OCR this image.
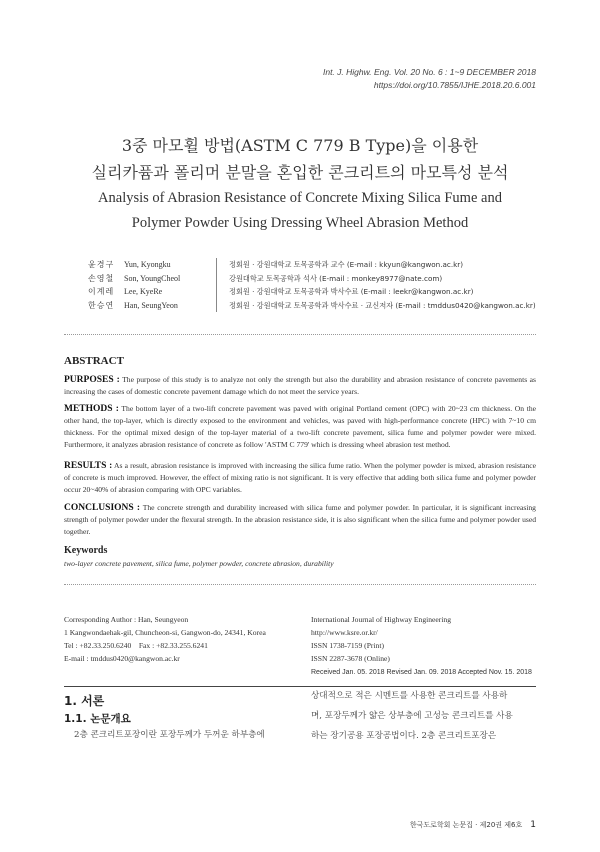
Int. J. Highw. Eng. Vol. 20 No. 6 : 1~9 DECEMBER 2018
https://doi.org/10.7855/IJHE.2018.20.6.001
3중 마모휠 방법(ASTM C 779 B Type)을 이용한
실리카퓸과 폴리머 분말을 혼입한 콘크리트의 마모특성 분석
Analysis of Abrasion Resistance of Concrete Mixing Silica Fume and
Polymer Powder Using Dressing Wheel Abrasion Method
윤경구	Yun, Kyongku	정회원 · 강원대학교 토목공학과 교수 (E-mail : kkyun@kangwon.ac.kr)
손영철	Son, YoungCheol	강원대학교 토목공학과 석사 (E-mail : monkey8977@nate.com)
이계레	Lee, KyeRe	정회원 · 강원대학교 토목공학과 박사수료 (E-mail : leekr@kangwon.ac.kr)
한승연	Han, SeungYeon	정회원 · 강원대학교 토목공학과 박사수료 · 교신저자 (E-mail : tmddus0420@kangwon.ac.kr)
ABSTRACT
PURPOSES : The purpose of this study is to analyze not only the strength but also the durability and abrasion resistance of concrete pavements as increasing the cases of domestic concrete pavement damage which do not meet the service years.
METHODS : The bottom layer of a two-lift concrete pavement was paved with original Portland cement (OPC) with 20~23 cm thickness. On the other hand, the top-layer, which is directly exposed to the environment and vehicles, was paved with high-performance concrete (HPC) with 7~10 cm thickness. For the optimal mixed design of the top-layer material of a two-lift concrete pavement, silica fume and polymer powder were mixed. Furthermore, it analyzes abrasion resistance of concrete as follow 'ASTM C 779' which is dressing wheel abrasion test method.
RESULTS : As a result, abrasion resistance is improved with increasing the silica fume ratio. When the polymer powder is mixed, abrasion resistance of concrete is much improved. However, the effect of mixing ratio is not significant. It is very effective that adding both silica fume and polymer powder occur 20~40% of abrasion comparing with OPC variables.
CONCLUSIONS : The concrete strength and durability increased with silica fume and polymer powder. In particular, it is significant increasing strength of polymer powder under the flexural strength. In the abrasion resistance side, it is also significant when the silica fume and polymer powder used together.
Keywords
two-layer concrete pavement, silica fume, polymer powder, concrete abrasion, durability
Corresponding Author : Han, Seungyeon
1 Kangwondaehak-gil, Chuncheon-si, Gangwon-do, 24341, Korea
Tel : +82.33.250.6240    Fax : +82.33.255.6241
E-mail : tmddus0420@kangwon.ac.kr
International Journal of Highway Engineering
http://www.ksre.or.kr/
ISSN 1738-7159 (Print)
ISSN 2287-3678 (Online)
Received Jan. 05. 2018 Revised Jan. 09. 2018 Accepted Nov. 15. 2018
1. 서론
1.1. 논문개요
2층 콘크리트포장이란 포장두께가 두꺼운 하부층에
상대적으로 적은 시멘트를 사용한 콘크리트를 사용하
며, 포장두께가 얇은 상부층에 고성능 콘크리트를 사용
하는 장기공용 포장공법이다. 2층 콘크리트포장은
한국도로학회 논문집 · 제20권 제6호 1
